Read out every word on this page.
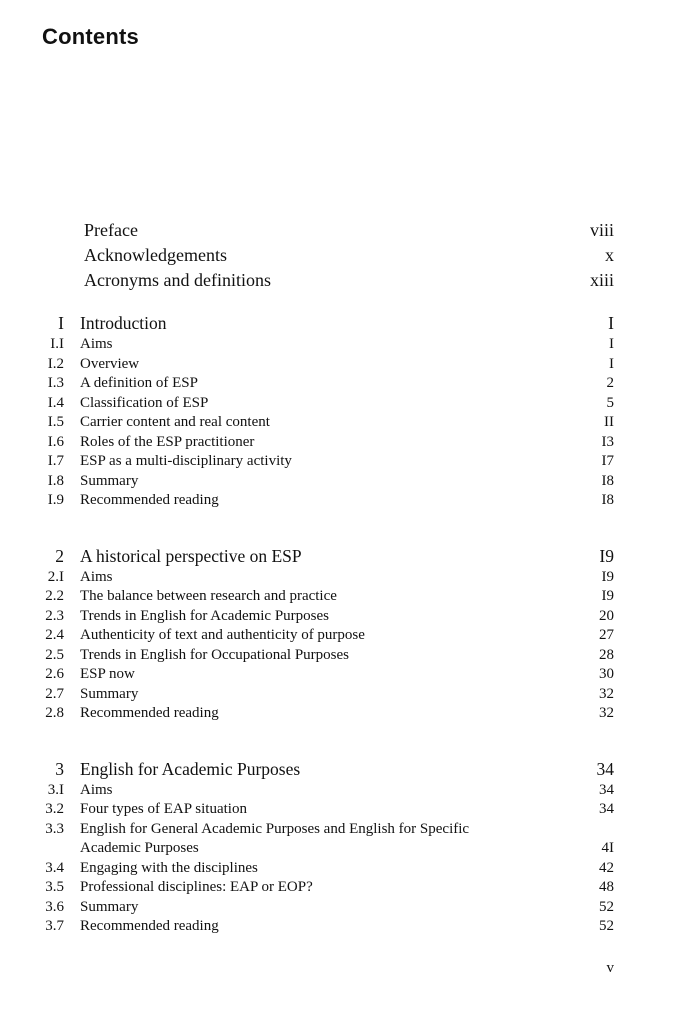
Contents
Preface	viii
Acknowledgements	x
Acronyms and definitions	xiii
I Introduction	I
I.I	Aims	I
I.2	Overview	I
I.3	A definition of ESP	2
I.4	Classification of ESP	5
I.5	Carrier content and real content	II
I.6	Roles of the ESP practitioner	I3
I.7	ESP as a multi-disciplinary activity	I7
I.8	Summary	I8
I.9	Recommended reading	I8
2 A historical perspective on ESP	I9
2.I	Aims	I9
2.2	The balance between research and practice	I9
2.3	Trends in English for Academic Purposes	20
2.4	Authenticity of text and authenticity of purpose	27
2.5	Trends in English for Occupational Purposes	28
2.6	ESP now	30
2.7	Summary	32
2.8	Recommended reading	32
3 English for Academic Purposes	34
3.I	Aims	34
3.2	Four types of EAP situation	34
3.3	English for General Academic Purposes and English for Specific
Academic Purposes	4I
3.4	Engaging with the disciplines	42
3.5	Professional disciplines: EAP or EOP?	48
3.6	Summary	52
3.7	Recommended reading	52
v
